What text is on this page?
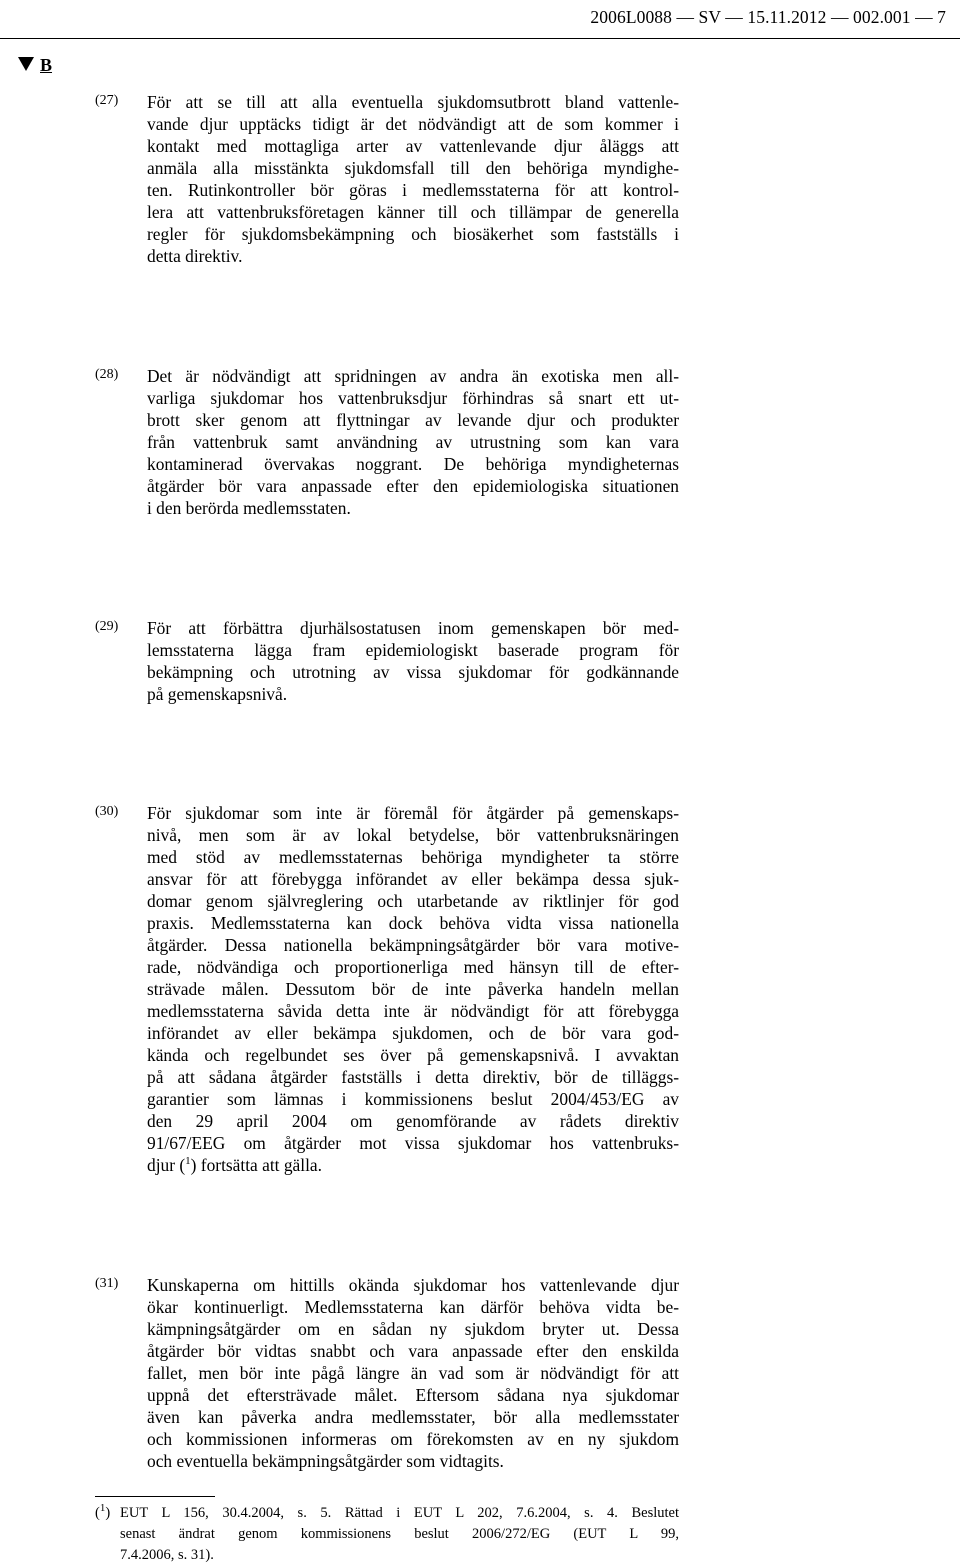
2006L0088 — SV — 15.11.2012 — 002.001 — 7
B
(27) För att se till att alla eventuella sjukdomsutbrott bland vattenle-
vande djur upptäcks tidigt är det nödvändigt att de som kommer i
kontakt med mottagliga arter av vattenlevande djur åläggs att
anmäla alla misstänkta sjukdomsfall till den behöriga myndighe-
ten. Rutinkontroller bör göras i medlemsstaterna för att kontrol-
lera att vattenbruksföretagen känner till och tillämpar de generella
regler för sjukdomsbekämpning och biosäkerhet som fastställs i
detta direktiv.
(28) Det är nödvändigt att spridningen av andra än exotiska men all-
varliga sjukdomar hos vattenbruksdjur förhindras så snart ett ut-
brott sker genom att flyttningar av levande djur och produkter
från vattenbruk samt användning av utrustning som kan vara
kontaminerad övervakas noggrant. De behöriga myndigheternas
åtgärder bör vara anpassade efter den epidemiologiska situationen
i den berörda medlemsstaten.
(29) För att förbättra djurhälsostatusen inom gemenskapen bör med-
lemsstaterna lägga fram epidemiologiskt baserade program för
bekämpning och utrotning av vissa sjukdomar för godkännande
på gemenskapsnivå.
(30) För sjukdomar som inte är föremål för åtgärder på gemenskaps-
nivå, men som är av lokal betydelse, bör vattenbruksnäringen
med stöd av medlemsstaternas behöriga myndigheter ta större
ansvar för att förebygga införandet av eller bekämpa dessa sjuk-
domar genom självreglering och utarbetande av riktlinjer för god
praxis. Medlemsstaterna kan dock behöva vidta vissa nationella
åtgärder. Dessa nationella bekämpningsåtgärder bör vara motive-
rade, nödvändiga och proportionerliga med hänsyn till de efter-
strävade målen. Dessutom bör de inte påverka handeln mellan
medlemsstaterna såvida detta inte är nödvändigt för att förebygga
införandet av eller bekämpa sjukdomen, och de bör vara god-
kända och regelbundet ses över på gemenskapsnivå. I avvaktan
på att sådana åtgärder fastställs i detta direktiv, bör de tilläggs-
garantier som lämnas i kommissionens beslut 2004/453/EG av
den 29 april 2004 om genomförande av rådets direktiv
91/67/EEG om åtgärder mot vissa sjukdomar hos vattenbruks-
djur ($^1$) fortsätta att gälla.
(31) Kunskaperna om hittills okända sjukdomar hos vattenlevande djur
ökar kontinuerligt. Medlemsstaterna kan därför behöva vidta be-
kämpningsåtgärder om en sådan ny sjukdom bryter ut. Dessa
åtgärder bör vidtas snabbt och vara anpassade efter den enskilda
fallet, men bör inte pågå längre än vad som är nödvändigt för att
uppnå det eftersträvade målet. Eftersom sådana nya sjukdomar
även kan påverka andra medlemsstater, bör alla medlemsstater
och kommissionen informeras om förekomsten av en ny sjukdom
och eventuella bekämpningsåtgärder som vidtagits.
($^1$) EUT L 156, 30.4.2004, s. 5. Rättad i EUT L 202, 7.6.2004, s. 4. Beslutet
senast ändrat genom kommissionens beslut 2006/272/EG (EUT L 99,
7.4.2006, s. 31).
